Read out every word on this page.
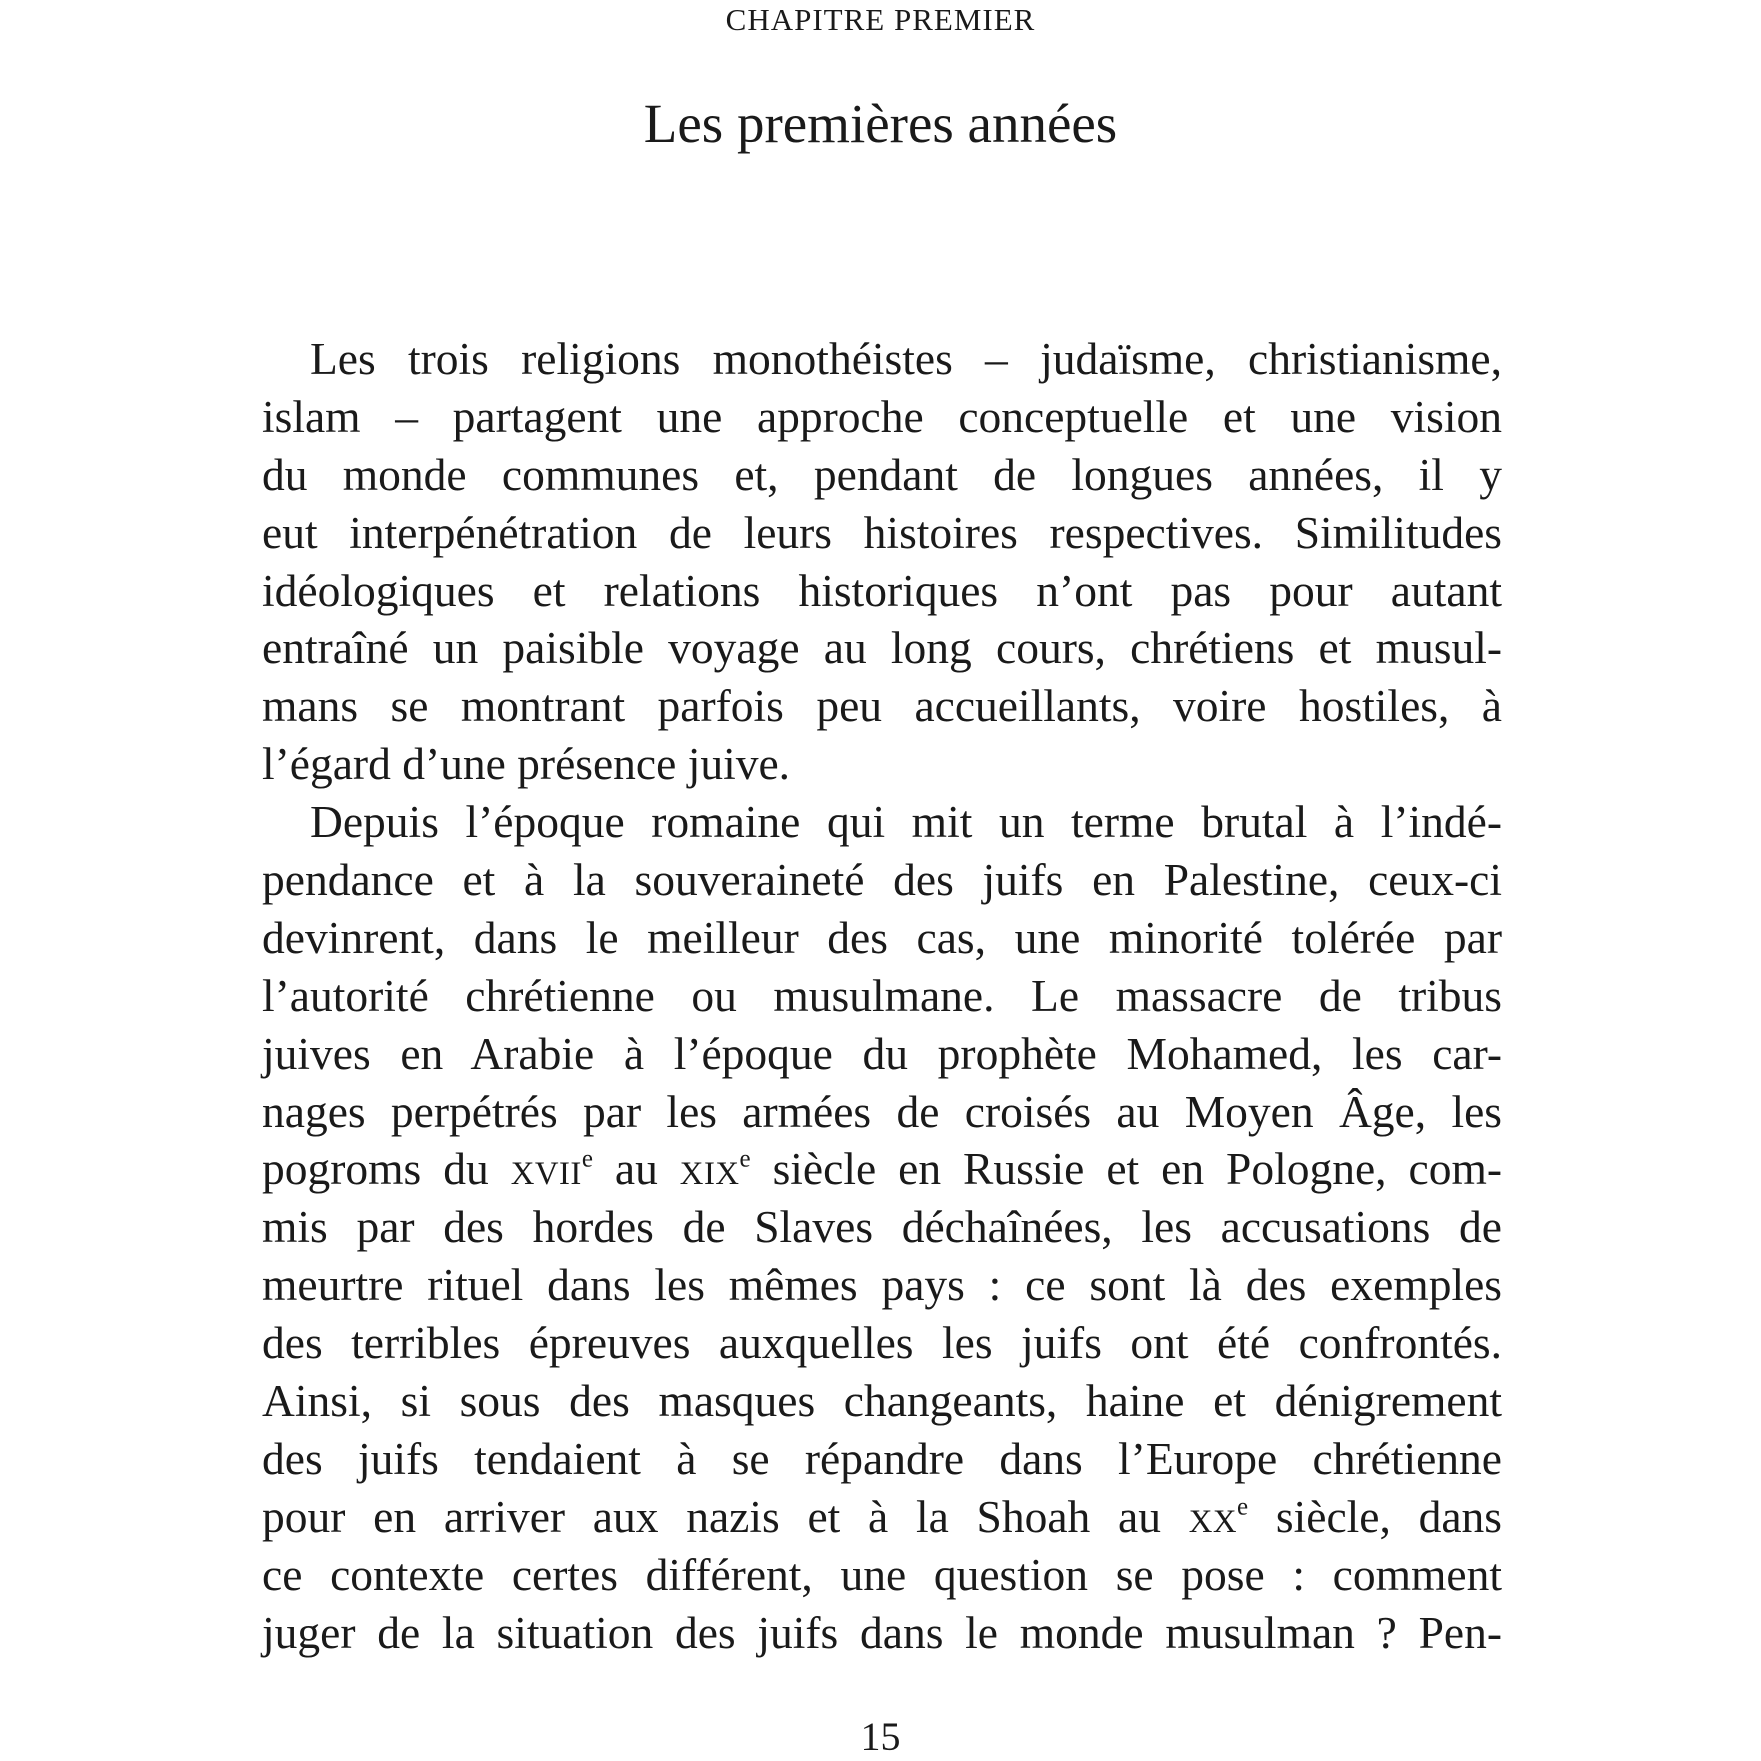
CHAPITRE PREMIER
Les premières années
Les trois religions monothéistes – judaïsme, christianisme,
islam – partagent une approche conceptuelle et une vision
du monde communes et, pendant de longues années, il y
eut interpénétration de leurs histoires respectives. Similitudes
idéologiques et relations historiques n’ont pas pour autant
entraîné un paisible voyage au long cours, chrétiens et musul-
mans se montrant parfois peu accueillants, voire hostiles, à
l’égard d’une présence juive.
Depuis l’époque romaine qui mit un terme brutal à l’indé-
pendance et à la souveraineté des juifs en Palestine, ceux-ci
devinrent, dans le meilleur des cas, une minorité tolérée par
l’autorité chrétienne ou musulmane. Le massacre de tribus
juives en Arabie à l’époque du prophète Mohamed, les car-
nages perpétrés par les armées de croisés au Moyen Âge, les
pogroms du XVIIe au XIXe siècle en Russie et en Pologne, com-
mis par des hordes de Slaves déchaînées, les accusations de
meurtre rituel dans les mêmes pays : ce sont là des exemples
des terribles épreuves auxquelles les juifs ont été confrontés.
Ainsi, si sous des masques changeants, haine et dénigrement
des juifs tendaient à se répandre dans l’Europe chrétienne
pour en arriver aux nazis et à la Shoah au XXe siècle, dans
ce contexte certes différent, une question se pose : comment
juger de la situation des juifs dans le monde musulman ? Pen-
15
